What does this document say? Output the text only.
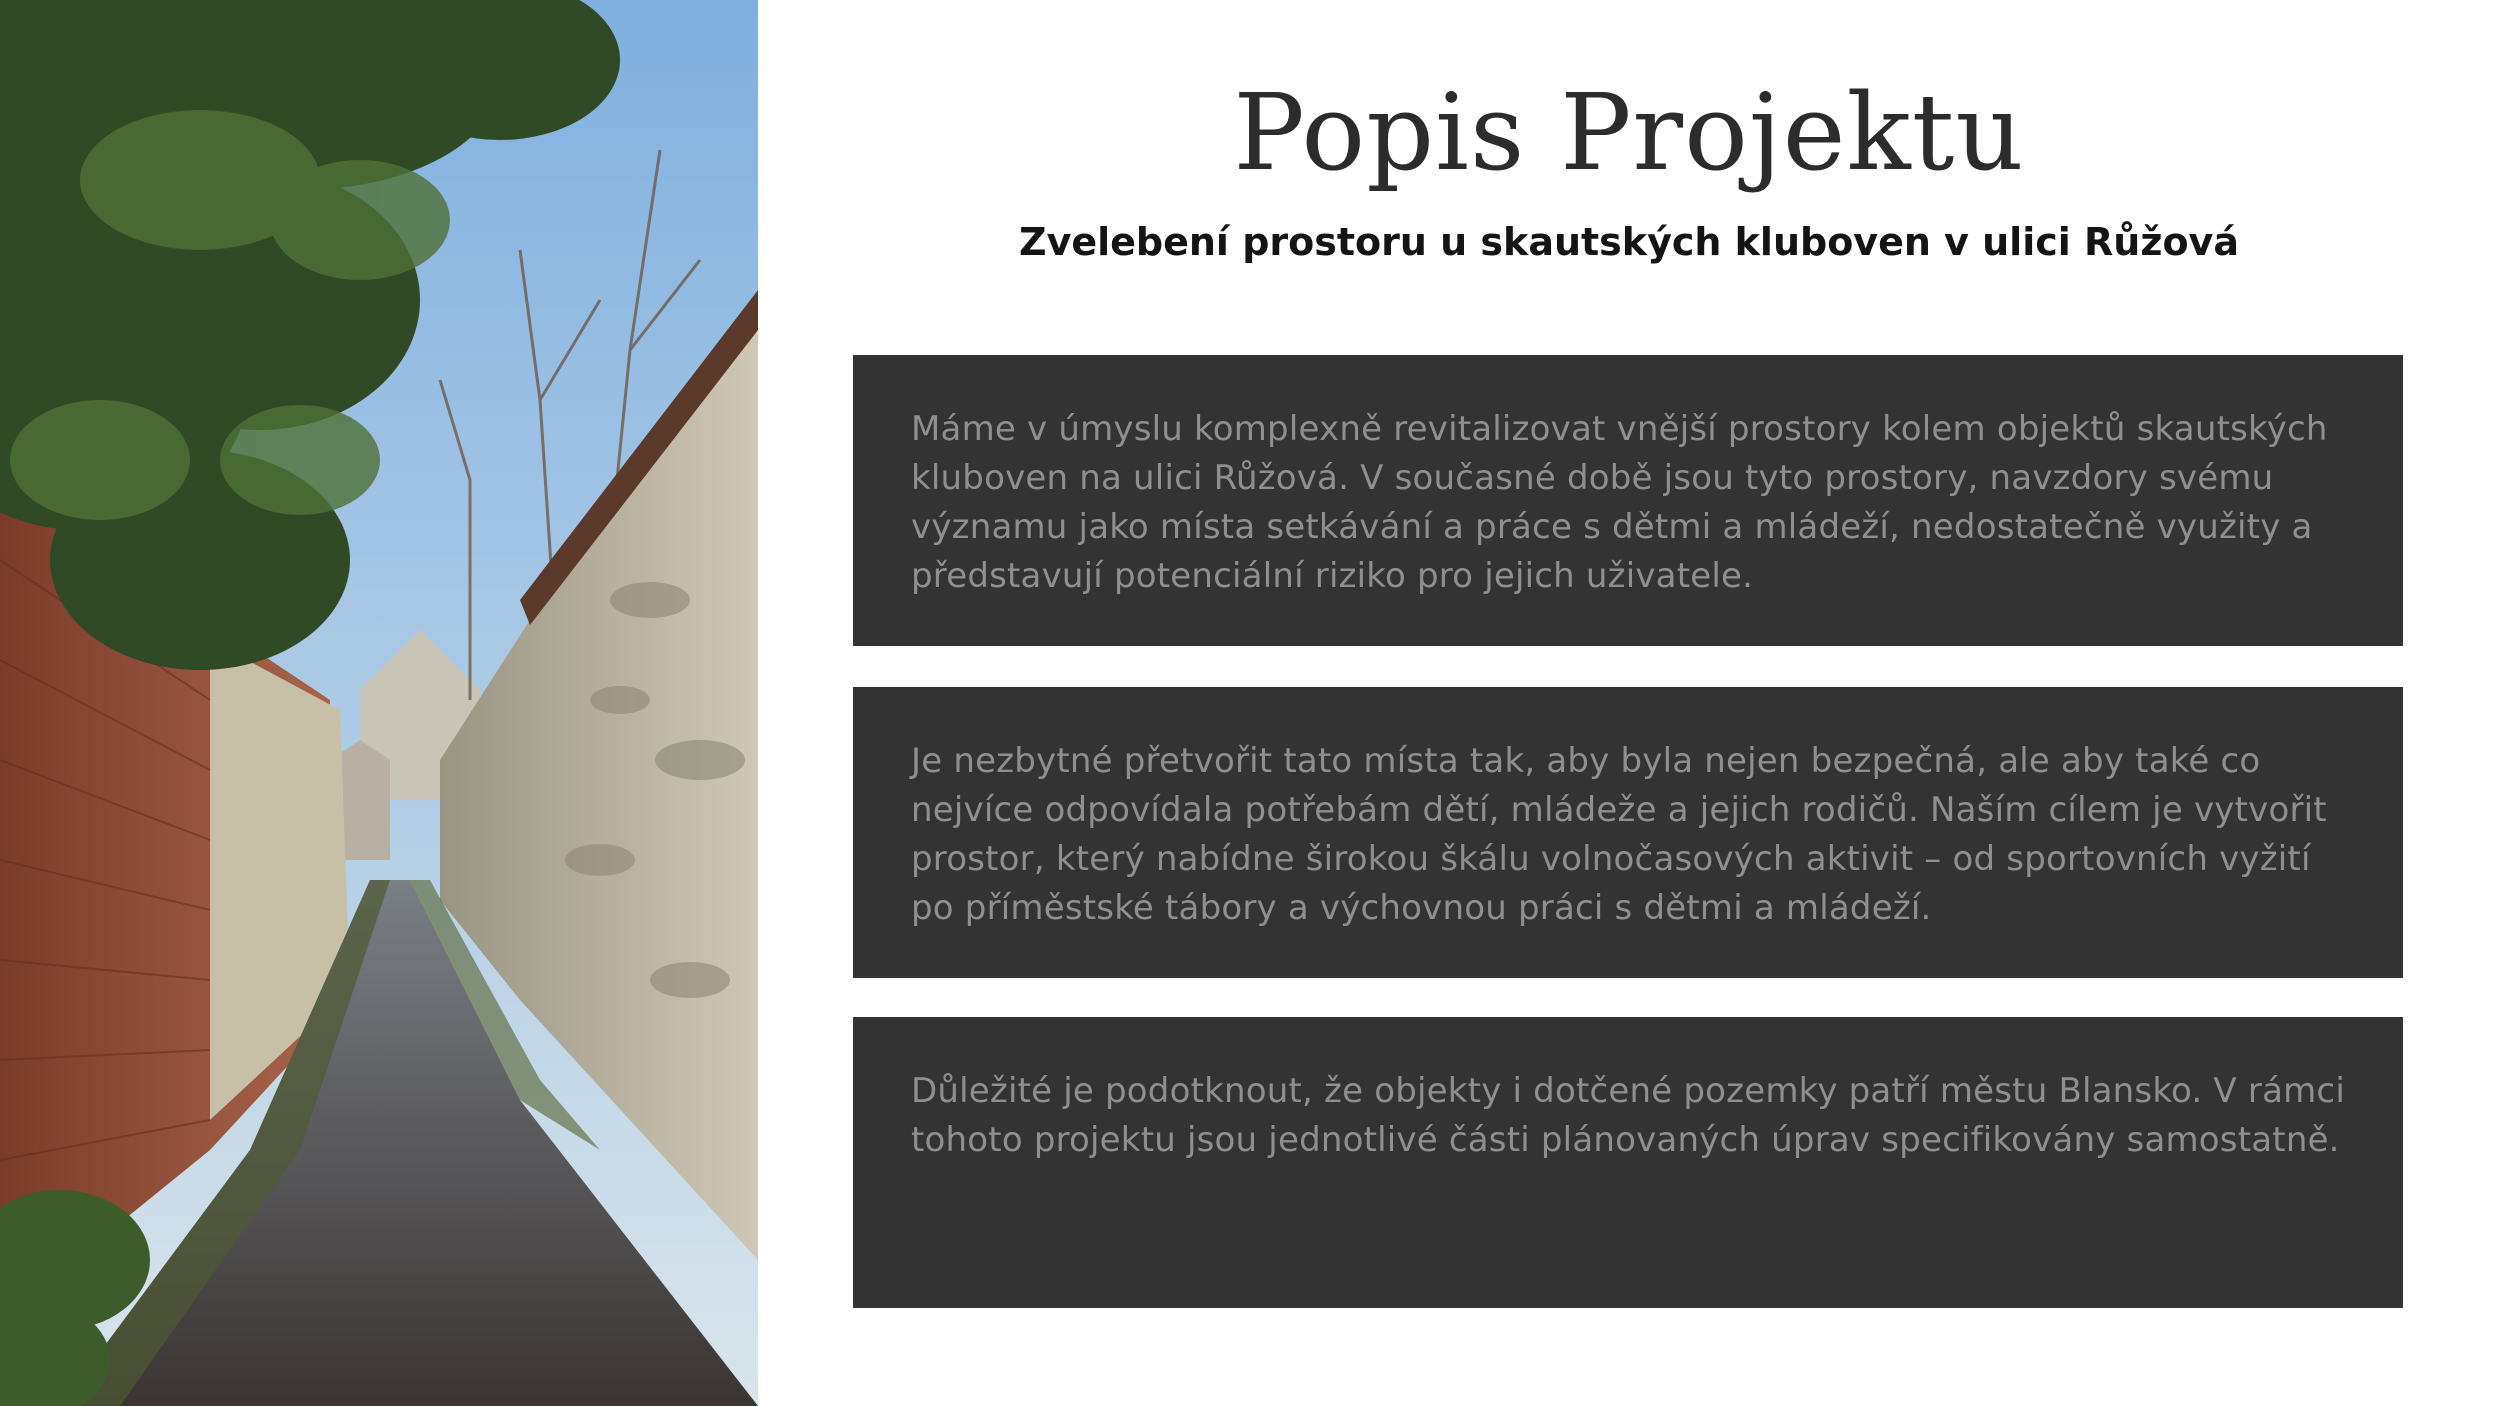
Popis Projektu
Zvelebení prostoru u skautských kluboven v ulici Růžová

Máme v úmyslu komplexně revitalizovat vnější prostory kolem objektů skautských kluboven na ulici Růžová. V současné době jsou tyto prostory, navzdory svému významu jako místa setkávání a práce s dětmi a mládeží, nedostatečně využity a představují potenciální riziko pro jejich uživatele.

Je nezbytné přetvořit tato místa tak, aby byla nejen bezpečná, ale aby také co nejvíce odpovídala potřebám dětí, mládeže a jejich rodičů. Naším cílem je vytvořit prostor, který nabídne širokou škálu volnočasových aktivit – od sportovních vyžití po příměstské tábory a výchovnou práci s dětmi a mládeží.

Důležité je podotknout, že objekty i dotčené pozemky patří městu Blansko. V rámci tohoto projektu jsou jednotlivé části plánovaných úprav specifikovány samostatně.
